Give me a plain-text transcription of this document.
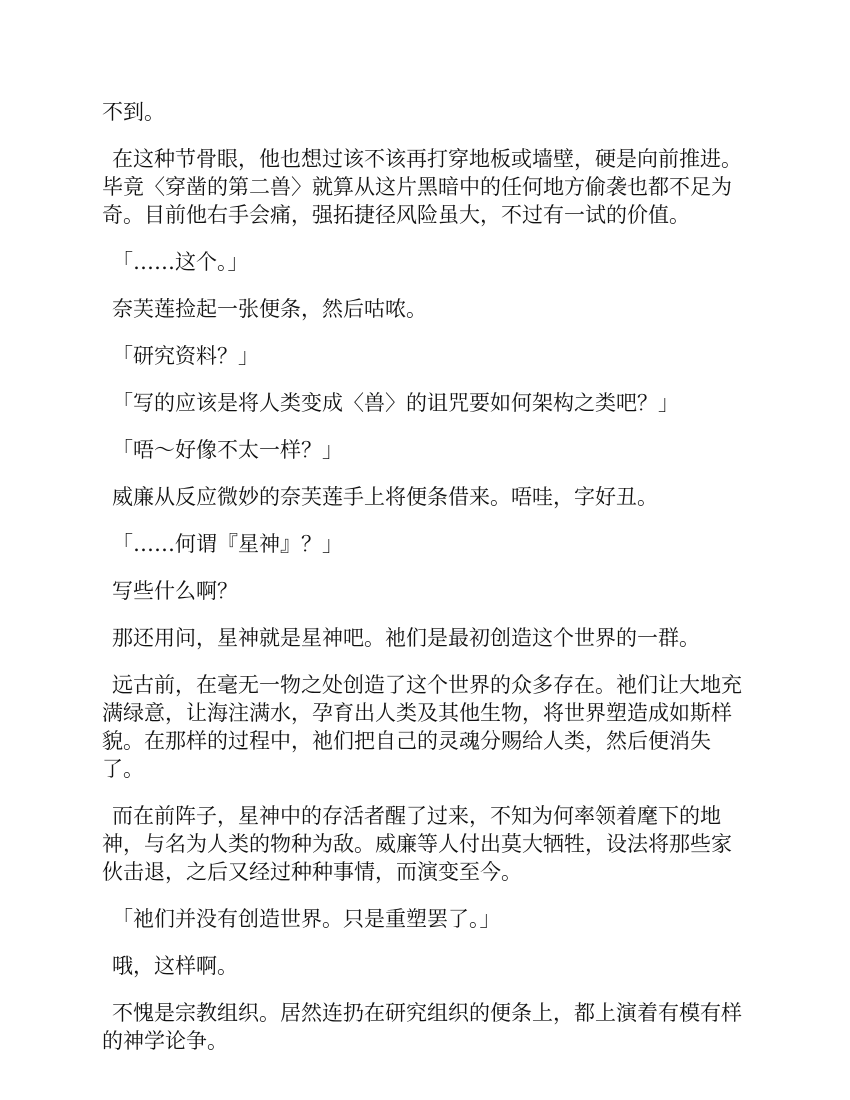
不到。

在这种节骨眼，他也想过该不该再打穿地板或墙壁，硬是向前推进。毕竟〈穿凿的第二兽〉就算从这片黑暗中的任何地方偷袭也都不足为奇。目前他右手会痛，强拓捷径风险虽大，不过有一试的价值。

「……这个。」

奈芙莲捡起一张便条，然后咕哝。

「研究资料？」

「写的应该是将人类变成〈兽〉的诅咒要如何架构之类吧？」

「唔～好像不太一样？」

威廉从反应微妙的奈芙莲手上将便条借来。唔哇，字好丑。

「……何谓『星神』？」

写些什么啊？

那还用问，星神就是星神吧。祂们是最初创造这个世界的一群。

远古前，在毫无一物之处创造了这个世界的众多存在。祂们让大地充满绿意，让海注满水，孕育出人类及其他生物，将世界塑造成如斯样貌。在那样的过程中，祂们把自己的灵魂分赐给人类，然后便消失了。

而在前阵子，星神中的存活者醒了过来，不知为何率领着麾下的地神，与名为人类的物种为敌。威廉等人付出莫大牺牲，设法将那些家伙击退，之后又经过种种事情，而演变至今。

「祂们并没有创造世界。只是重塑罢了。」

哦，这样啊。

不愧是宗教组织。居然连扔在研究组织的便条上，都上演着有模有样的神学论争。
